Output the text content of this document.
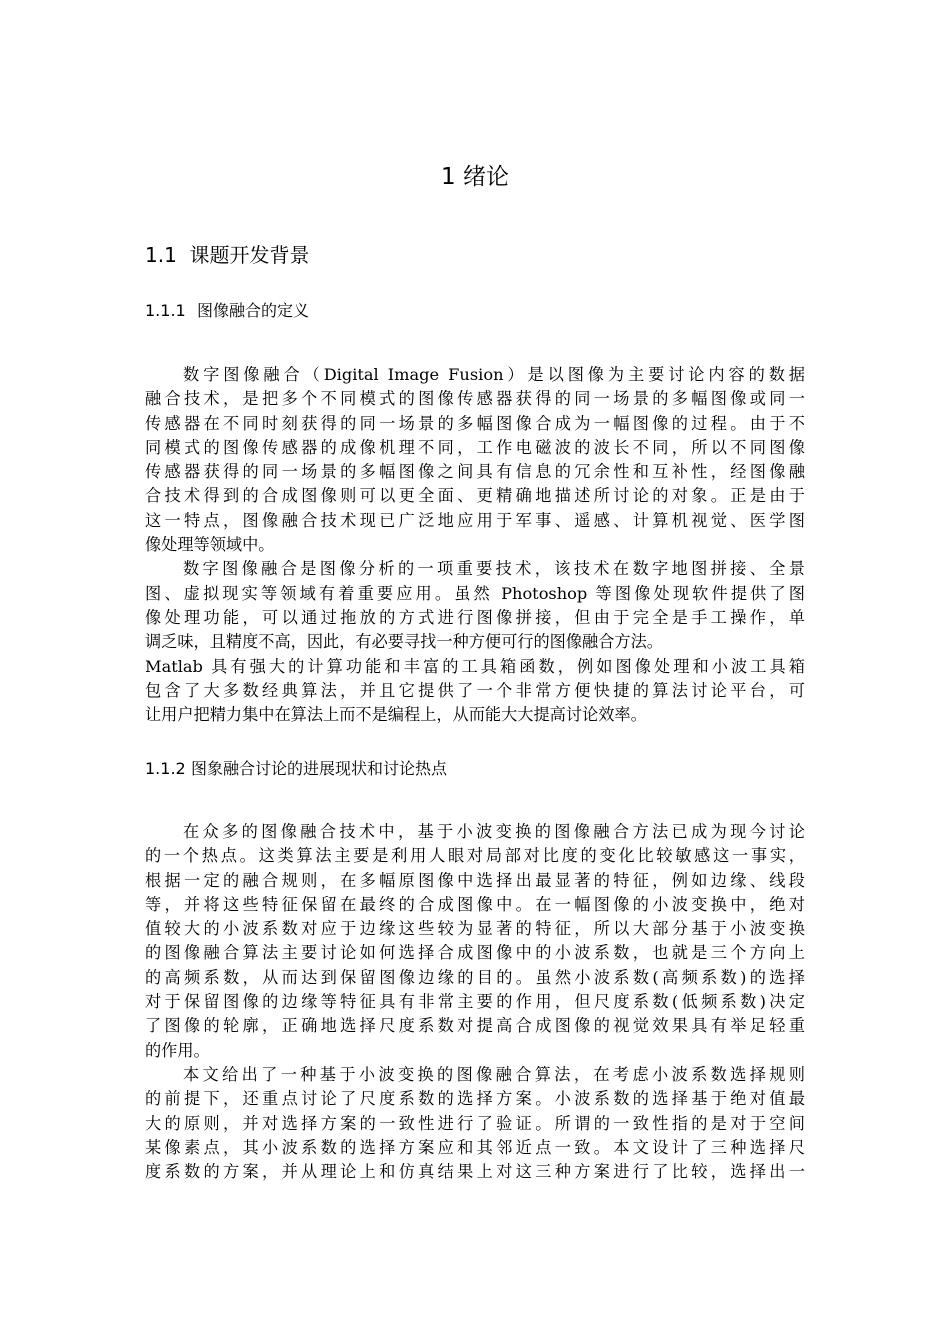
1 绪论
1.1 课题开发背景
1.1.1 图像融合的定义
数字图像融合（Digital Image Fusion）是以图像为主要讨论内容的数据
融合技术，是把多个不同模式的图像传感器获得的同一场景的多幅图像或同一
传感器在不同时刻获得的同一场景的多幅图像合成为一幅图像的过程。由于不
同模式的图像传感器的成像机理不同，工作电磁波的波长不同，所以不同图像
传感器获得的同一场景的多幅图像之间具有信息的冗余性和互补性，经图像融
合技术得到的合成图像则可以更全面、更精确地描述所讨论的对象。正是由于
这一特点，图像融合技术现已广泛地应用于军事、遥感、计算机视觉、医学图
像处理等领域中。
数字图像融合是图像分析的一项重要技术，该技术在数字地图拼接、全景
图、虚拟现实等领域有着重要应用。虽然 Photoshop 等图像处现软件提供了图
像处理功能，可以通过拖放的方式进行图像拼接，但由于完全是手工操作，单
调乏味，且精度不高，因此，有必要寻找一种方便可行的图像融合方法。
Matlab 具有强大的计算功能和丰富的工具箱函数，例如图像处理和小波工具箱
包含了大多数经典算法，并且它提供了一个非常方便快捷的算法讨论平台，可
让用户把精力集中在算法上而不是编程上，从而能大大提高讨论效率。
1.1.2 图象融合讨论的进展现状和讨论热点
在众多的图像融合技术中，基于小波变换的图像融合方法已成为现今讨论
的一个热点。这类算法主要是利用人眼对局部对比度的变化比较敏感这一事实，
根据一定的融合规则，在多幅原图像中选择出最显著的特征，例如边缘、线段
等，并将这些特征保留在最终的合成图像中。在一幅图像的小波变换中，绝对
值较大的小波系数对应于边缘这些较为显著的特征，所以大部分基于小波变换
的图像融合算法主要讨论如何选择合成图像中的小波系数，也就是三个方向上
的高频系数，从而达到保留图像边缘的目的。虽然小波系数(高频系数)的选择
对于保留图像的边缘等特征具有非常主要的作用，但尺度系数(低频系数)决定
了图像的轮廓，正确地选择尺度系数对提高合成图像的视觉效果具有举足轻重
的作用。
本文给出了一种基于小波变换的图像融合算法，在考虑小波系数选择规则
的前提下，还重点讨论了尺度系数的选择方案。小波系数的选择基于绝对值最
大的原则，并对选择方案的一致性进行了验证。所谓的一致性指的是对于空间
某像素点，其小波系数的选择方案应和其邻近点一致。本文设计了三种选择尺
度系数的方案，并从理论上和仿真结果上对这三种方案进行了比较，选择出一
